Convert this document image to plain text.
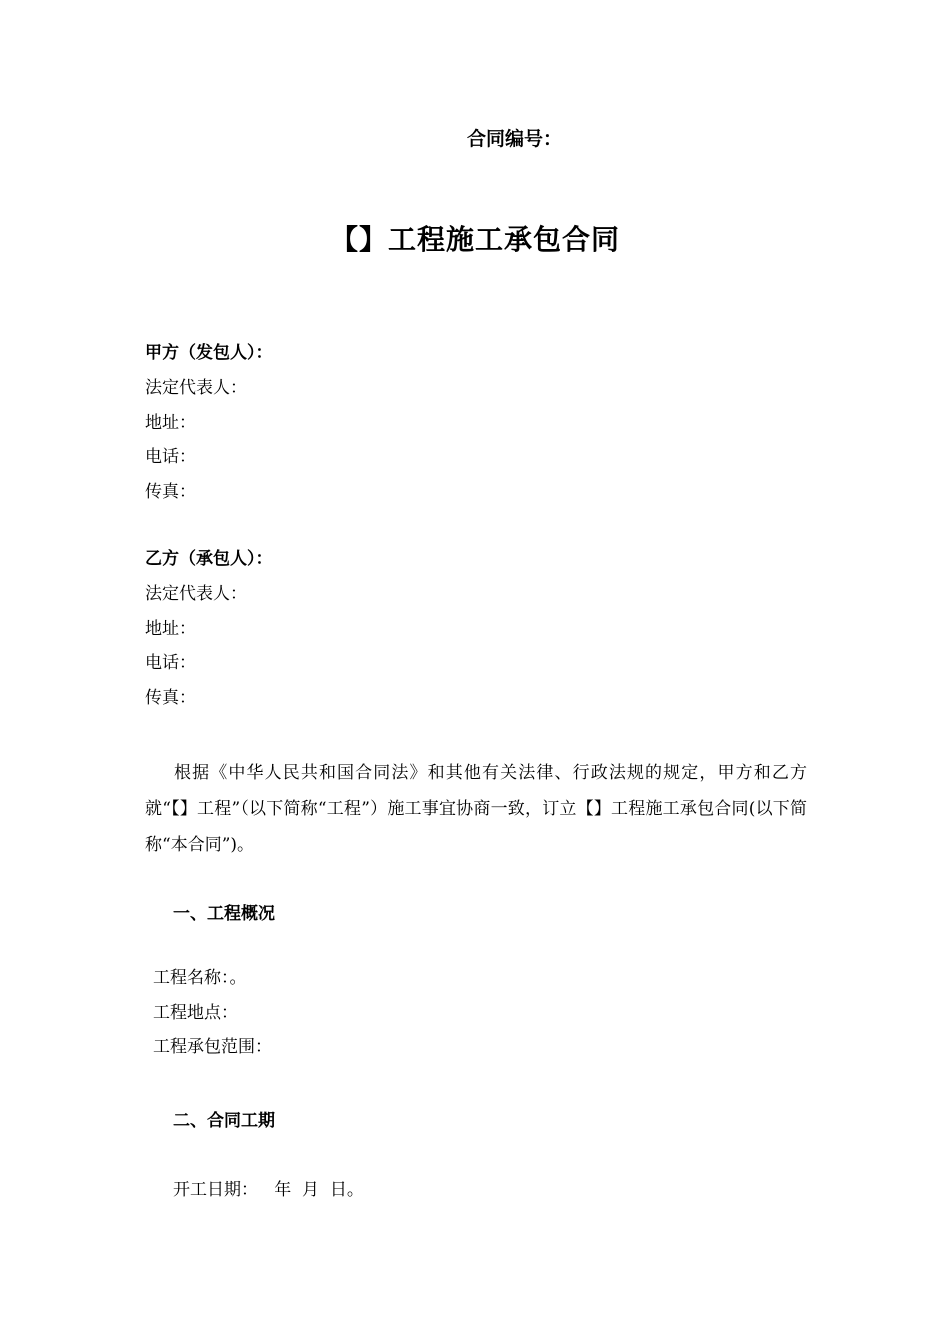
合同编号：
【】工程施工承包合同
甲方（发包人）：
法定代表人：
地址：
电话：
传真：
乙方（承包人）：
法定代表人：
地址：
电话：
传真：
根据《中华人民共和国合同法》和其他有关法律、行政法规的规定，甲方和乙方就“【】工程”（以下简称“工程”）施工事宜协商一致，订立【】工程施工承包合同(以下简称“本合同”)。
一、工程概况
工程名称：。
工程地点：
工程承包范围：
二、合同工期
开工日期：   年  月  日。
